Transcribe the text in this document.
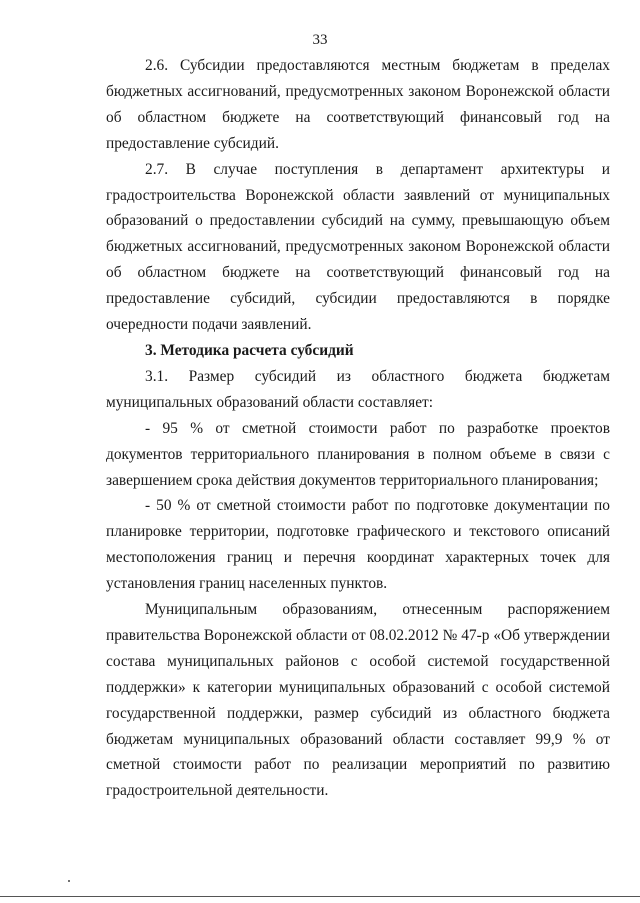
33

2.6. Субсидии предоставляются местным бюджетам в пределах бюджетных ассигнований, предусмотренных законом Воронежской области об областном бюджете на соответствующий финансовый год на предоставление субсидий.

2.7. В случае поступления в департамент архитектуры и градостроительства Воронежской области заявлений от муниципальных образований о предоставлении субсидий на сумму, превышающую объем бюджетных ассигнований, предусмотренных законом Воронежской области об областном бюджете на соответствующий финансовый год на предоставление субсидий, субсидии предоставляются в порядке очередности подачи заявлений.

3. Методика расчета субсидий

3.1. Размер субсидий из областного бюджета бюджетам муниципальных образований области составляет:

- 95 % от сметной стоимости работ по разработке проектов документов территориального планирования в полном объеме в связи с завершением срока действия документов территориального планирования;

- 50 % от сметной стоимости работ по подготовке документации по планировке территории, подготовке графического и текстового описаний местоположения границ и перечня координат характерных точек для установления границ населенных пунктов.

Муниципальным образованиям, отнесенным распоряжением правительства Воронежской области от 08.02.2012 № 47-р «Об утверждении состава муниципальных районов с особой системой государственной поддержки» к категории муниципальных образований с особой системой государственной поддержки, размер субсидий из областного бюджета бюджетам муниципальных образований области составляет 99,9 % от сметной стоимости работ по реализации мероприятий по развитию градостроительной деятельности.
